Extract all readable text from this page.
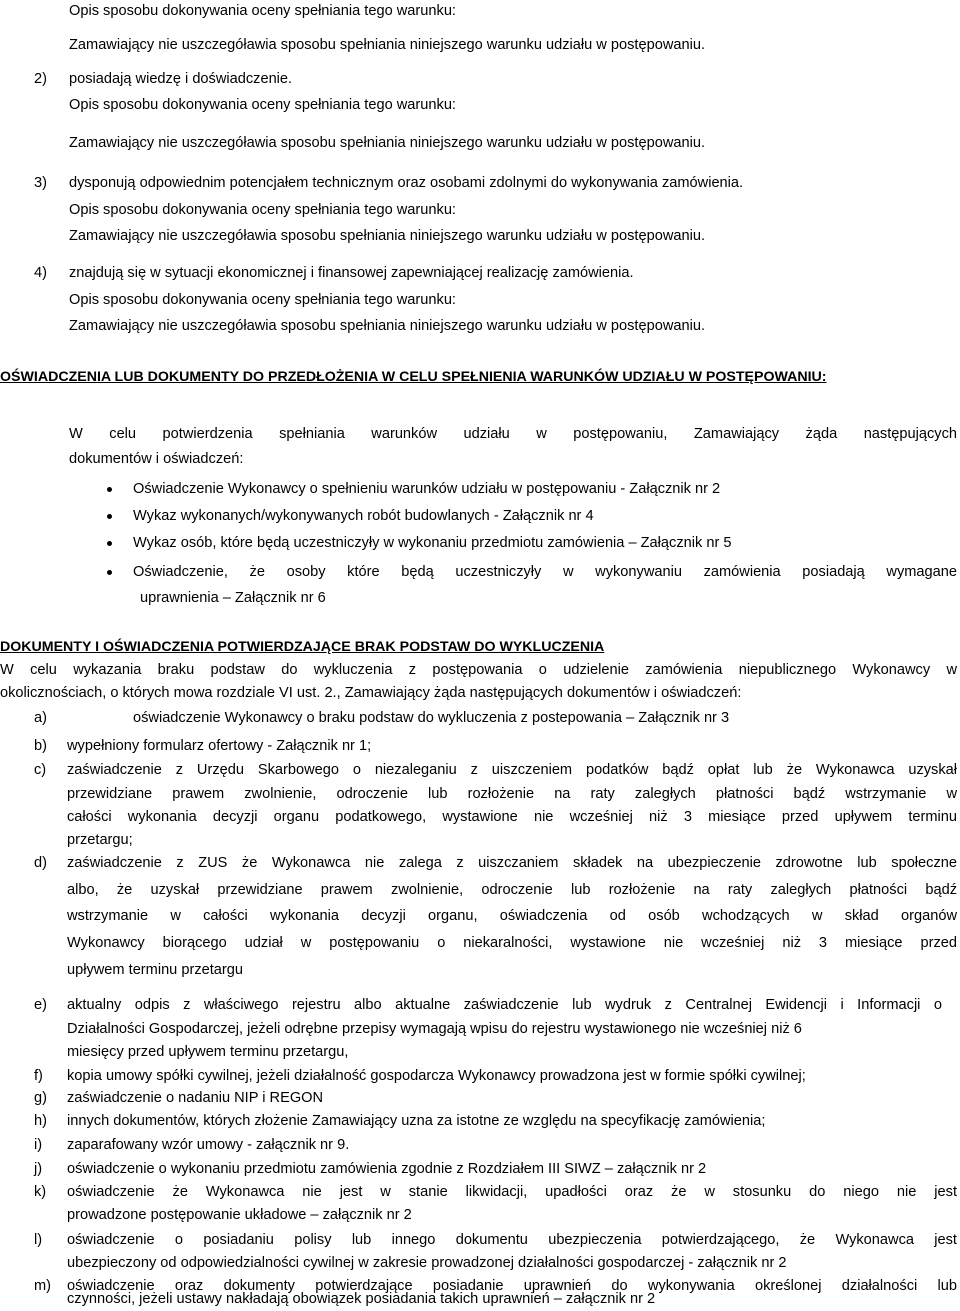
Opis sposobu dokonywania oceny spełniania tego warunku:
Zamawiający nie uszczegóławia sposobu spełniania niniejszego warunku udziału w postępowaniu.
2) posiadają wiedzę i doświadczenie.
Opis sposobu dokonywania oceny spełniania tego warunku:
Zamawiający nie uszczegóławia sposobu spełniania niniejszego warunku udziału w postępowaniu.
3) dysponują odpowiednim potencjałem technicznym oraz osobami zdolnymi do wykonywania zamówienia.
Opis sposobu dokonywania oceny spełniania tego warunku:
Zamawiający nie uszczegóławia sposobu spełniania niniejszego warunku udziału w postępowaniu.
4) znajdują się w sytuacji ekonomicznej i finansowej zapewniającej realizację zamówienia.
Opis sposobu dokonywania oceny spełniania tego warunku:
Zamawiający nie uszczegóławia sposobu spełniania niniejszego warunku udziału w postępowaniu.
OŚWIADCZENIA LUB DOKUMENTY DO PRZEDŁOŻENIA W CELU SPEŁNIENIA WARUNKÓW UDZIAŁU W POSTĘPOWANIU:
W celu potwierdzenia spełniania warunków udziału w postępowaniu, Zamawiający żąda następujących
dokumentów i oświadczeń:
Oświadczenie Wykonawcy o spełnieniu warunków udziału w postępowaniu - Załącznik nr 2
Wykaz wykonanych/wykonywanych robót budowlanych - Załącznik nr 4
Wykaz osób, które będą uczestniczyły w wykonaniu przedmiotu zamówienia – Załącznik nr 5
Oświadczenie, że osoby które będą uczestniczyły w wykonywaniu zamówienia posiadają wymagane
uprawnienia – Załącznik nr 6
DOKUMENTY I OŚWIADCZENIA POTWIERDZAJĄCE BRAK PODSTAW DO WYKLUCZENIA
W celu wykazania braku podstaw do wykluczenia z postępowania o udzielenie zamówienia niepublicznego Wykonawcy w
okolicznościach, o których mowa rozdziale VI ust. 2., Zamawiający żąda następujących dokumentów i oświadczeń:
a)	oświadczenie Wykonawcy o braku podstaw do wykluczenia z postepowania – Załącznik nr 3
b) wypełniony formularz ofertowy - Załącznik nr 1;
c) zaświadczenie z Urzędu Skarbowego o niezaleganiu z uiszczeniem podatków bądź opłat lub że Wykonawca uzyskał
przewidziane prawem zwolnienie, odroczenie lub rozłożenie na raty zaległych płatności bądź wstrzymanie w
całości wykonania decyzji organu podatkowego, wystawione nie wcześniej niż 3 miesiące przed upływem terminu
przetargu;
d) zaświadczenie z ZUS że Wykonawca nie zalega z uiszczaniem składek na ubezpieczenie zdrowotne lub społeczne
albo, że uzyskał przewidziane prawem zwolnienie, odroczenie lub rozłożenie na raty zaległych płatności bądź
wstrzymanie w całości wykonania decyzji organu, oświadczenia od osób wchodzących w skład organów
Wykonawcy biorącego udział w postępowaniu o niekaralności, wystawione nie wcześniej niż 3 miesiące przed
upływem terminu przetargu
e) aktualny odpis z właściwego rejestru albo aktualne zaświadczenie lub wydruk z Centralnej Ewidencji i Informacji o
Działalności Gospodarczej, jeżeli odrębne przepisy wymagają wpisu do rejestru wystawionego nie wcześniej niż 6
miesięcy przed upływem terminu przetargu,
f) kopia umowy spółki cywilnej, jeżeli działalność gospodarcza Wykonawcy prowadzona jest w formie spółki cywilnej;
g) zaświadczenie o nadaniu NIP i REGON
h) innych dokumentów, których złożenie Zamawiający uzna za istotne ze względu na specyfikację zamówienia;
i) zaparafowany wzór umowy - załącznik nr 9.
j) oświadczenie o wykonaniu przedmiotu zamówienia zgodnie z Rozdziałem III SIWZ – załącznik nr 2
k) oświadczenie że Wykonawca nie jest w stanie likwidacji, upadłości oraz że w stosunku do niego nie jest
prowadzone postępowanie układowe – załącznik nr 2
l) oświadczenie o posiadaniu polisy lub innego dokumentu ubezpieczenia potwierdzającego, że Wykonawca jest
ubezpieczony od odpowiedzialności cywilnej w zakresie prowadzonej działalności gospodarczej - załącznik nr 2
m) oświadczenie oraz dokumenty potwierdzające posiadanie uprawnień do wykonywania określonej działalności lub
czynności, jeżeli ustawy nakładają obowiązek posiadania takich uprawnień – załącznik nr 2
